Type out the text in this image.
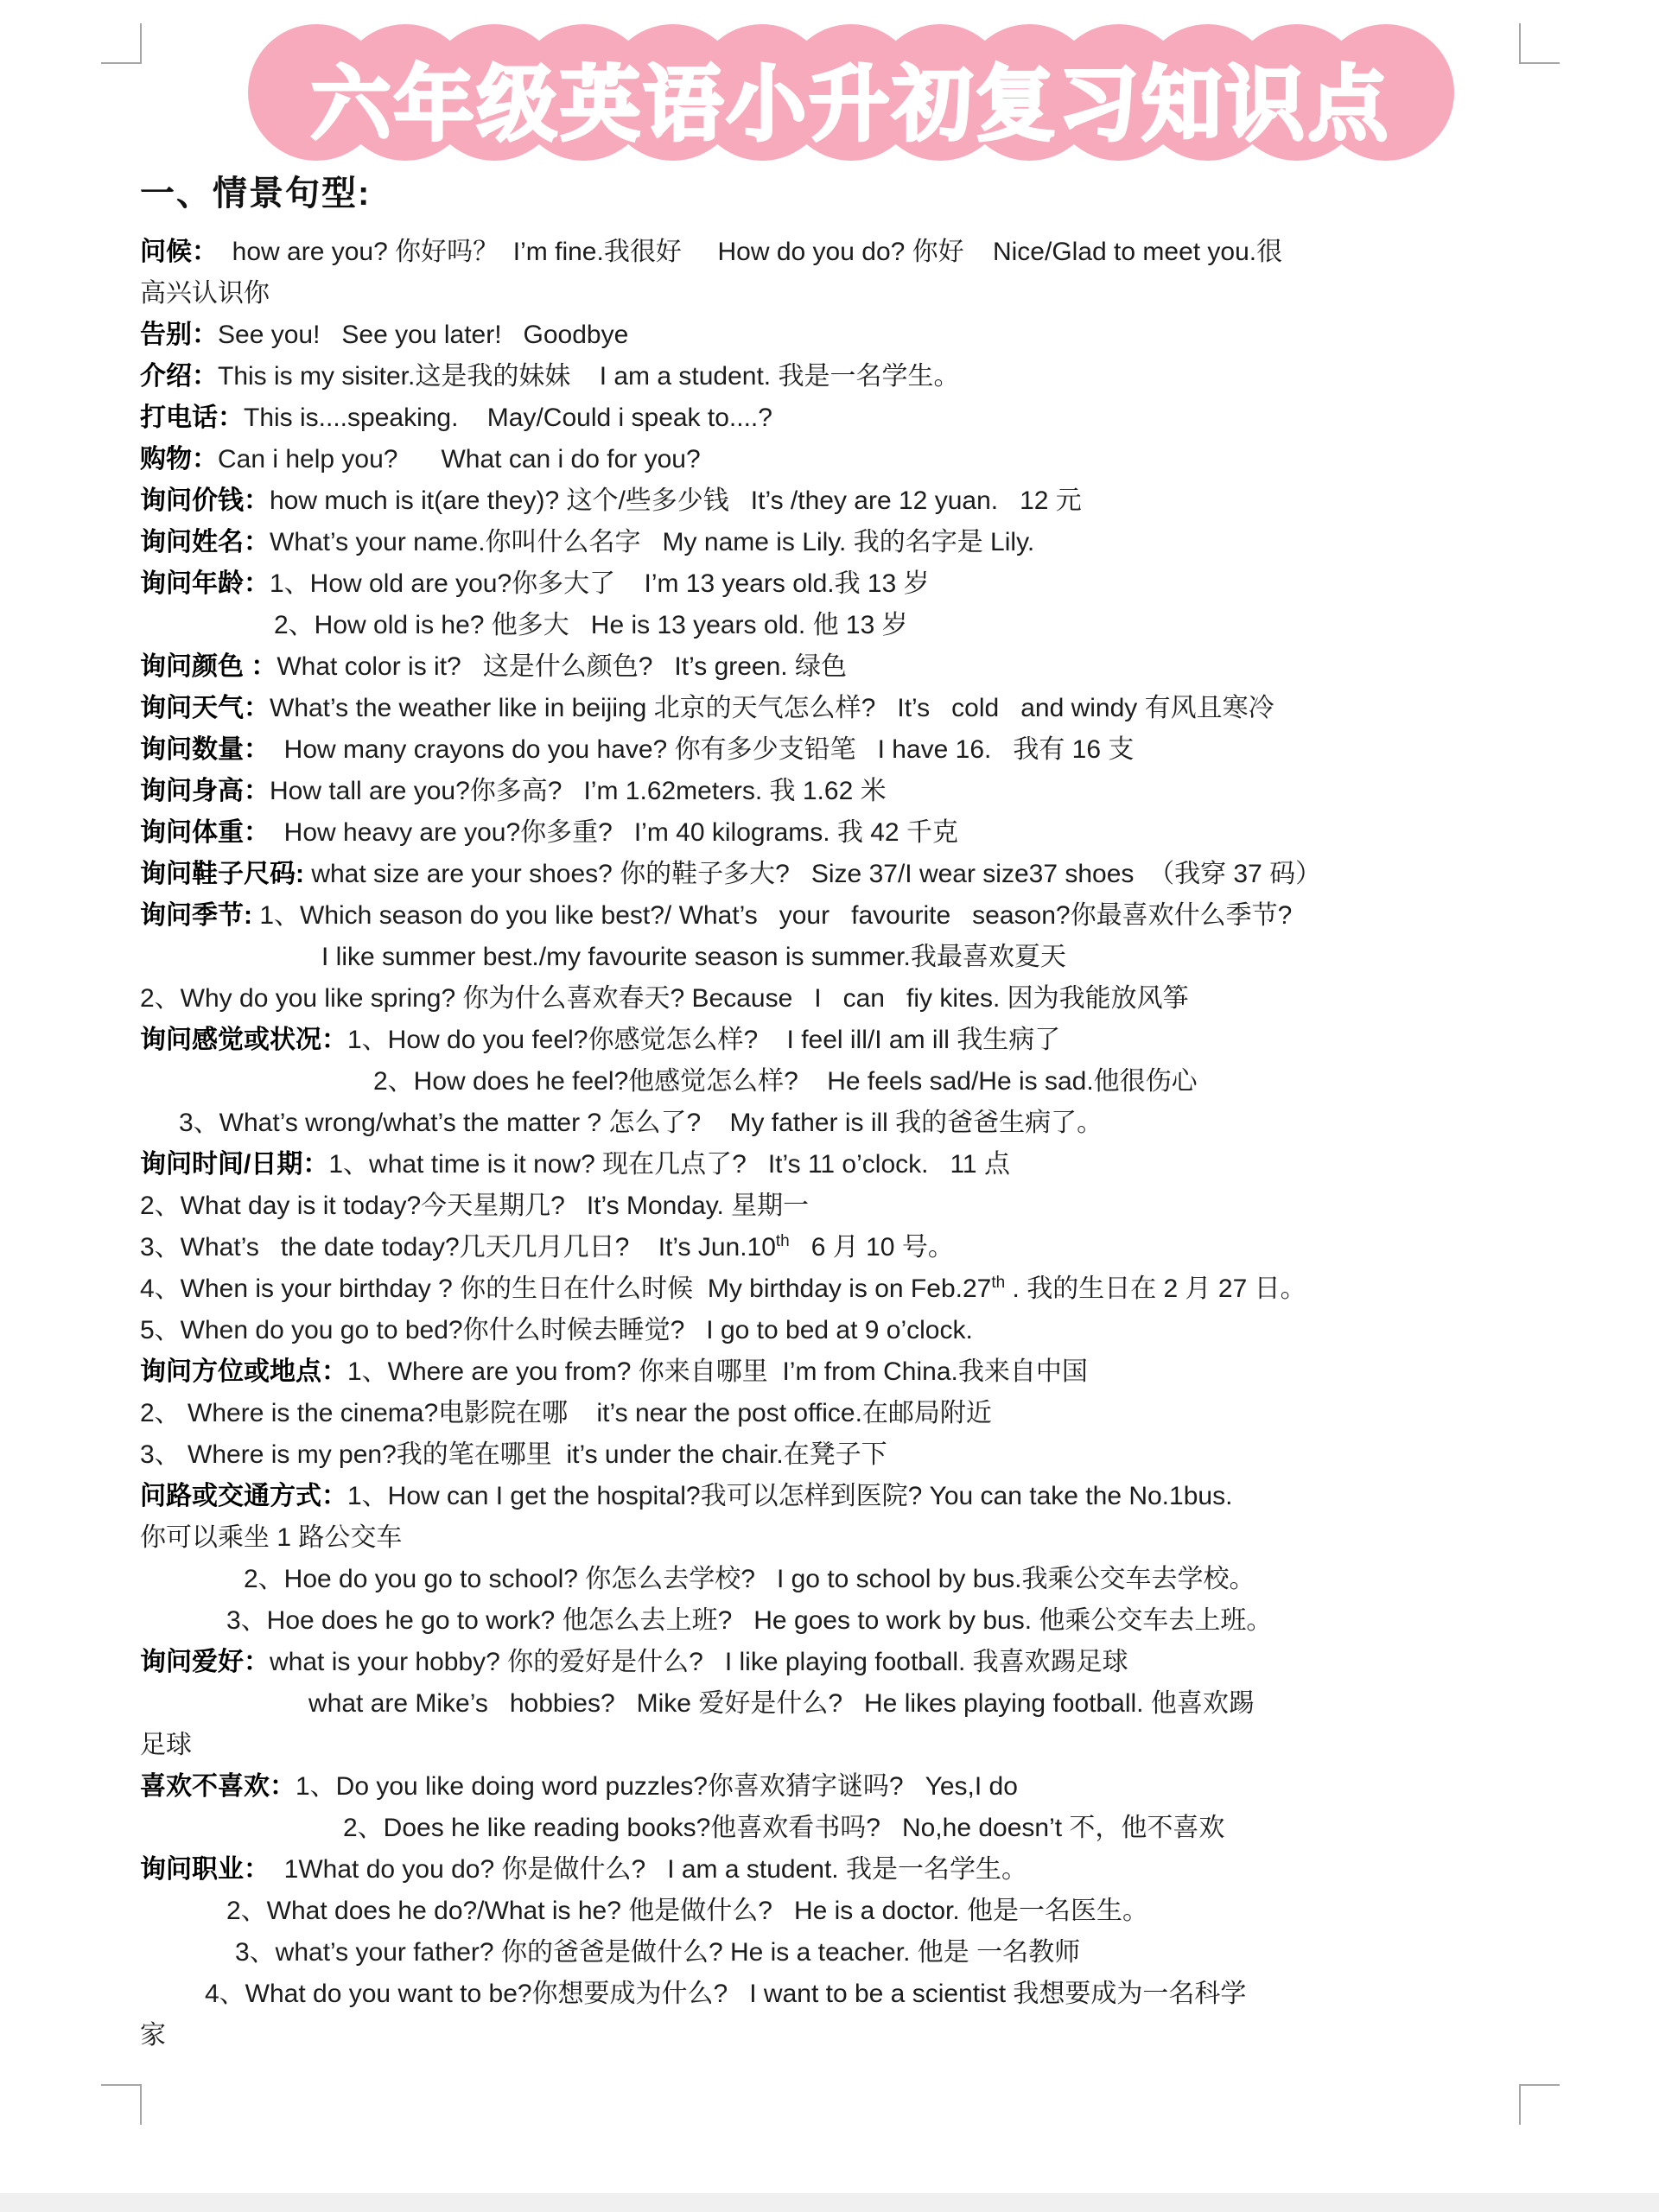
六年级英语小升初复习知识点
一、情景句型:
问候：  how are you? 你好吗？  I’m fine.我很好     How do you do? 你好    Nice/Glad to meet you.很
高兴认识你
告别：See you!   See you later!   Goodbye
介绍：This is my sisiter.这是我的妹妹    I am a student. 我是一名学生。
打电话：This is....speaking.    May/Could i speak to....?
购物：Can i help you?      What can i do for you?
询问价钱：how much is it(are they)? 这个/些多少钱   It’s /they are 12 yuan.   12 元
询问姓名：What’s your name.你叫什么名字   My name is Lily. 我的名字是 Lily.
询问年龄：1、How old are you?你多大了    I’m 13 years old.我 13 岁
2、How old is he? 他多大   He is 13 years old. 他 13 岁
询问颜色 ：What color is it?   这是什么颜色?   It’s green. 绿色
询问天气：What’s the weather like in beijing 北京的天气怎么样?   It’s   cold   and windy 有风且寒冷
询问数量：  How many crayons do you have? 你有多少支铅笔   I have 16.   我有 16 支
询问身高：How tall are you?你多高?   I’m 1.62meters. 我 1.62 米
询问体重：  How heavy are you?你多重?   I’m 40 kilograms. 我 42 千克
询问鞋子尺码: what size are your shoes? 你的鞋子多大?   Size 37/I wear size37 shoes  （我穿 37 码）
询问季节: 1、Which season do you like best?/ What’s   your   favourite   season?你最喜欢什么季节?
I like summer best./my favourite season is summer.我最喜欢夏天
2、Why do you like spring? 你为什么喜欢春天? Because   I   can   fiy kites. 因为我能放风筝
询问感觉或状况：1、How do you feel?你感觉怎么样?    I feel ill/I am ill 我生病了
2、How does he feel?他感觉怎么样?    He feels sad/He is sad.他很伤心
3、What’s wrong/what’s the matter ? 怎么了?    My father is ill 我的爸爸生病了。
询问时间/日期：1、what time is it now? 现在几点了?   It’s 11 o’clock.   11 点
2、What day is it today?今天星期几?   It’s Monday. 星期一
3、What’s   the date today?几天几月几日?    It’s Jun.10th   6 月 10 号。
4、When is your birthday ? 你的生日在什么时候  My birthday is on Feb.27th . 我的生日在 2 月 27 日。
5、When do you go to bed?你什么时候去睡觉?   I go to bed at 9 o’clock.
询问方位或地点：1、Where are you from? 你来自哪里  I’m from China.我来自中国
2、 Where is the cinema?电影院在哪    it’s near the post office.在邮局附近
3、 Where is my pen?我的笔在哪里  it’s under the chair.在凳子下
问路或交通方式：1、How can I get the hospital?我可以怎样到医院? You can take the No.1bus.
你可以乘坐 1 路公交车
2、Hoe do you go to school? 你怎么去学校?   I go to school by bus.我乘公交车去学校。
3、Hoe does he go to work? 他怎么去上班?   He goes to work by bus. 他乘公交车去上班。
询问爱好：what is your hobby? 你的爱好是什么?   I like playing football. 我喜欢踢足球
what are Mike’s   hobbies?   Mike 爱好是什么?   He likes playing football. 他喜欢踢
足球
喜欢不喜欢：1、Do you like doing word puzzles?你喜欢猜字谜吗?   Yes,I do
2、Does he like reading books?他喜欢看书吗?   No,he doesn’t 不，他不喜欢
询问职业：  1What do you do? 你是做什么?   I am a student. 我是一名学生。
2、What does he do?/What is he? 他是做什么?   He is a doctor. 他是一名医生。
3、what’s your father? 你的爸爸是做什么? He is a teacher. 他是 一名教师
4、What do you want to be?你想要成为什么?   I want to be a scientist 我想要成为一名科学
家
